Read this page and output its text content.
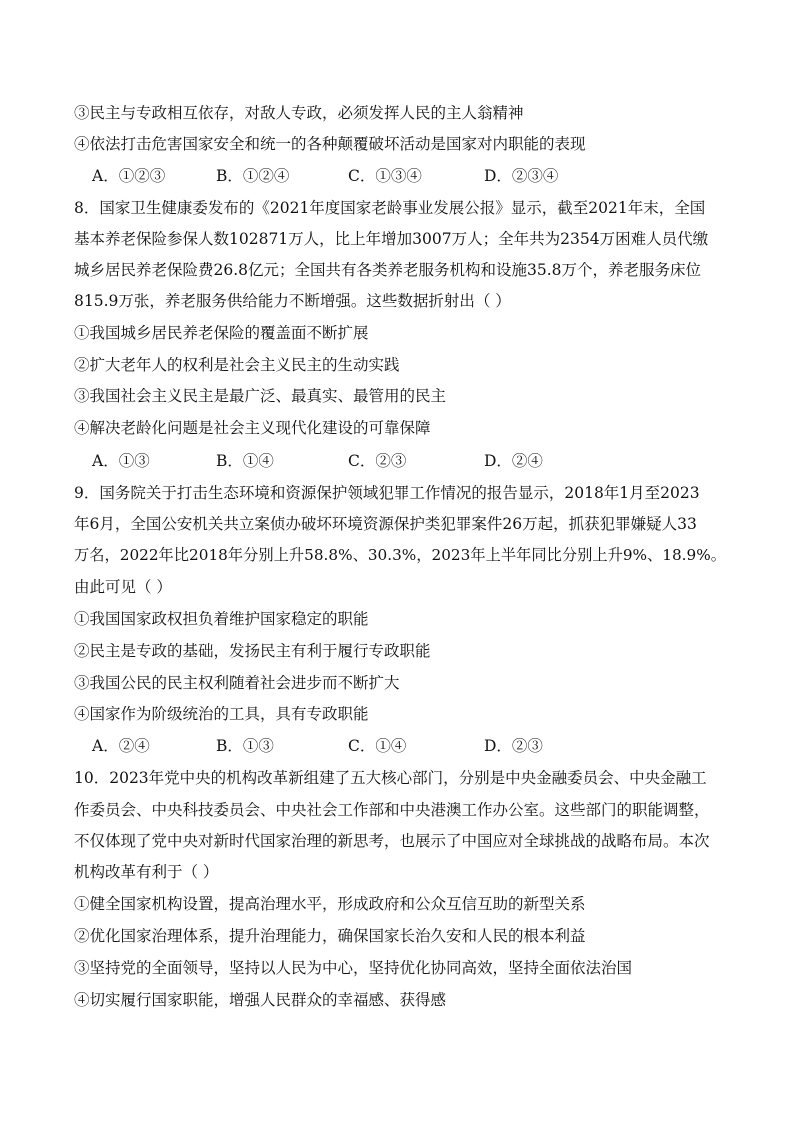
③民主与专政相互依存，对敌人专政，必须发挥人民的主人翁精神
④依法打击危害国家安全和统一的各种颠覆破坏活动是国家对内职能的表现
A．①②③	B．①②④	C．①③④	D．②③④
8．国家卫生健康委发布的《2021年度国家老龄事业发展公报》显示，截至2021年末，全国
基本养老保险参保人数102871万人，比上年增加3007万人；全年共为2354万困难人员代缴
城乡居民养老保险费26.8亿元；全国共有各类养老服务机构和设施35.8万个，养老服务床位
815.9万张，养老服务供给能力不断增强。这些数据折射出（ ）
①我国城乡居民养老保险的覆盖面不断扩展
②扩大老年人的权利是社会主义民主的生动实践
③我国社会主义民主是最广泛、最真实、最管用的民主
④解决老龄化问题是社会主义现代化建设的可靠保障
A．①③	B．①④	C．②③	D．②④
9．国务院关于打击生态环境和资源保护领域犯罪工作情况的报告显示，2018年1月至2023
年6月，全国公安机关共立案侦办破坏环境资源保护类犯罪案件26万起，抓获犯罪嫌疑人33
万名，2022年比2018年分别上升58.8%、30.3%，2023年上半年同比分别上升9%、18.9%。
由此可见（ ）
①我国国家政权担负着维护国家稳定的职能
②民主是专政的基础，发扬民主有利于履行专政职能
③我国公民的民主权利随着社会进步而不断扩大
④国家作为阶级统治的工具，具有专政职能
A．②④	B．①③	C．①④	D．②③
10．2023年党中央的机构改革新组建了五大核心部门，分别是中央金融委员会、中央金融工
作委员会、中央科技委员会、中央社会工作部和中央港澳工作办公室。这些部门的职能调整，
不仅体现了党中央对新时代国家治理的新思考，也展示了中国应对全球挑战的战略布局。本次
机构改革有利于（ ）
①健全国家机构设置，提高治理水平，形成政府和公众互信互助的新型关系
②优化国家治理体系，提升治理能力，确保国家长治久安和人民的根本利益
③坚持党的全面领导，坚持以人民为中心，坚持优化协同高效，坚持全面依法治国
④切实履行国家职能，增强人民群众的幸福感、获得感
